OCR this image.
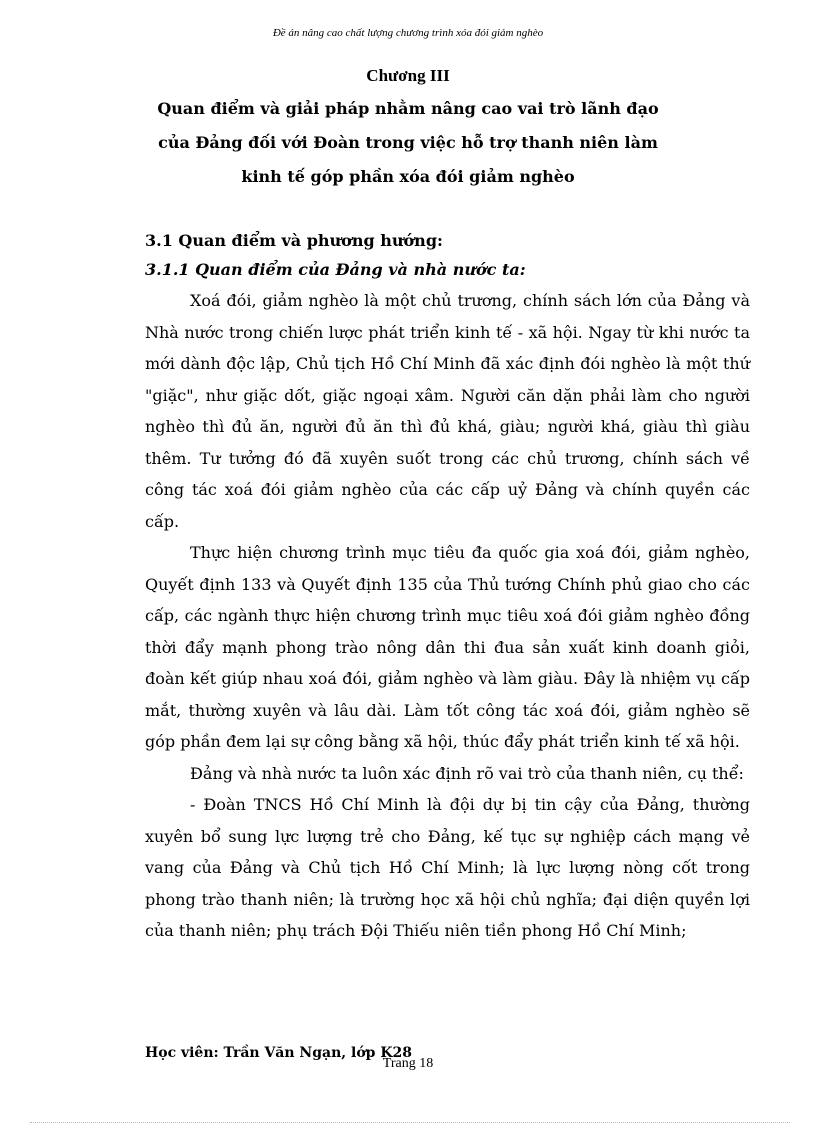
Đề án nâng cao chất lượng chương trình xóa đói giảm nghèo
Chương III
Quan điểm và giải pháp nhằm nâng cao vai trò lãnh đạo của Đảng đối với Đoàn trong việc hỗ trợ thanh niên làm kinh tế góp phần xóa đói giảm nghèo
3.1 Quan điểm và phương hướng:
3.1.1 Quan điểm của Đảng và nhà nước ta:

Xoá đói, giảm nghèo là một chủ trương, chính sách lớn của Đảng và Nhà nước trong chiến lược phát triển kinh tế - xã hội. Ngay từ khi nước ta mới dành độc lập, Chủ tịch Hồ Chí Minh đã xác định đói nghèo là một thứ "giặc", như giặc dốt, giặc ngoại xâm. Người căn dặn phải làm cho người nghèo thì đủ ăn, người đủ ăn thì đủ khá, giàu; người khá, giàu thì giàu thêm. Tư tưởng đó đã xuyên suốt trong các chủ trương, chính sách về công tác xoá đói giảm nghèo của các cấp uỷ Đảng và chính quyền các cấp.

Thực hiện chương trình mục tiêu đa quốc gia xoá đói, giảm nghèo, Quyết định 133 và Quyết định 135 của Thủ tướng Chính phủ giao cho các cấp, các ngành thực hiện chương trình mục tiêu xoá đói giảm nghèo đồng thời đẩy mạnh phong trào nông dân thi đua sản xuất kinh doanh giỏi, đoàn kết giúp nhau xoá đói, giảm nghèo và làm giàu. Đây là nhiệm vụ cấp mắt, thường xuyên và lâu dài. Làm tốt công tác xoá đói, giảm nghèo sẽ góp phần đem lại sự công bằng xã hội, thúc đẩy phát triển kinh tế xã hội.

Đảng và nhà nước ta luôn xác định rõ vai trò của thanh niên, cụ thể:

- Đoàn TNCS Hồ Chí Minh là đội dự bị tin cậy của Đảng, thường xuyên bổ sung lực lượng trẻ cho Đảng, kế tục sự nghiệp cách mạng vẻ vang của Đảng và Chủ tịch Hồ Chí Minh; là lực lượng nòng cốt trong phong trào thanh niên; là trường học xã hội chủ nghĩa; đại diện quyền lợi của thanh niên; phụ trách Đội Thiếu niên tiền phong Hồ Chí Minh;

Học viên: Trần Văn Ngạn, lớp K28
Trang 18
